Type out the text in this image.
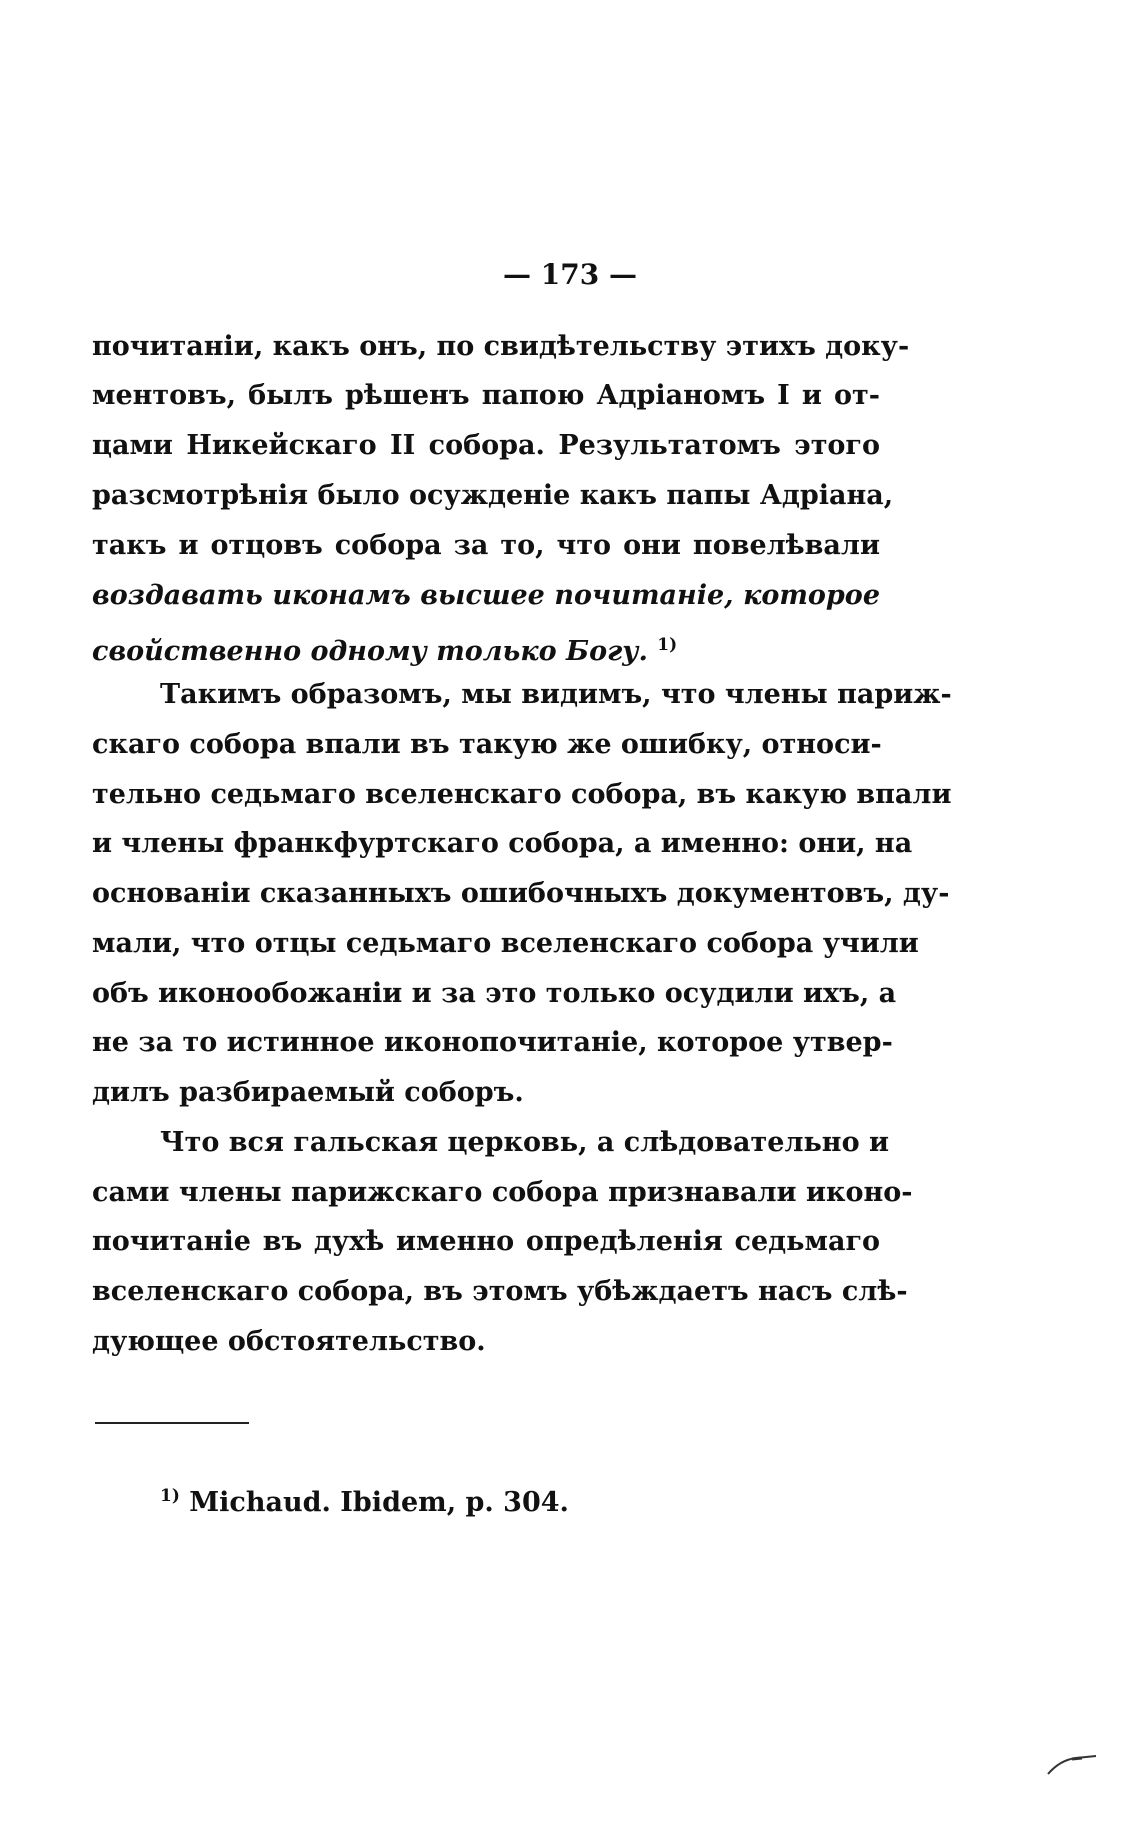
— 173 —
почитаніи, какъ онъ, по свидѣтельству этихъ доку-
ментовъ, былъ рѣшенъ папою Адріаномъ I и от-
цами Никейскаго II собора. Результатомъ этого
разсмотрѣнія было осужденіе какъ папы Адріана,
такъ и отцовъ собора за то, что они повелѣвали
воздавать иконамъ высшее почитаніе, которое
свойственно одному только Богу. $^{1)}$
Такимъ образомъ, мы видимъ, что члены париж-
скаго собора впали въ такую же ошибку, относи-
тельно седьмаго вселенскаго собора, въ какую впали
и члены франкфуртскаго собора, а именно: они, на
основаніи сказанныхъ ошибочныхъ документовъ, ду-
мали, что отцы седьмаго вселенскаго собора учили
объ иконообожаніи и за это только осудили ихъ, а
не за то истинное иконопочитаніе, которое утвер-
дилъ разбираемый соборъ.
Что вся гальская церковь, а слѣдовательно и
сами члены парижскаго собора признавали иконо-
почитаніе въ духѣ именно опредѣленія седьмаго
вселенскаго собора, въ этомъ убѣждаетъ насъ слѣ-
дующее обстоятельство.
$^{1)}$ Michaud. Ibidem, p. 304.
